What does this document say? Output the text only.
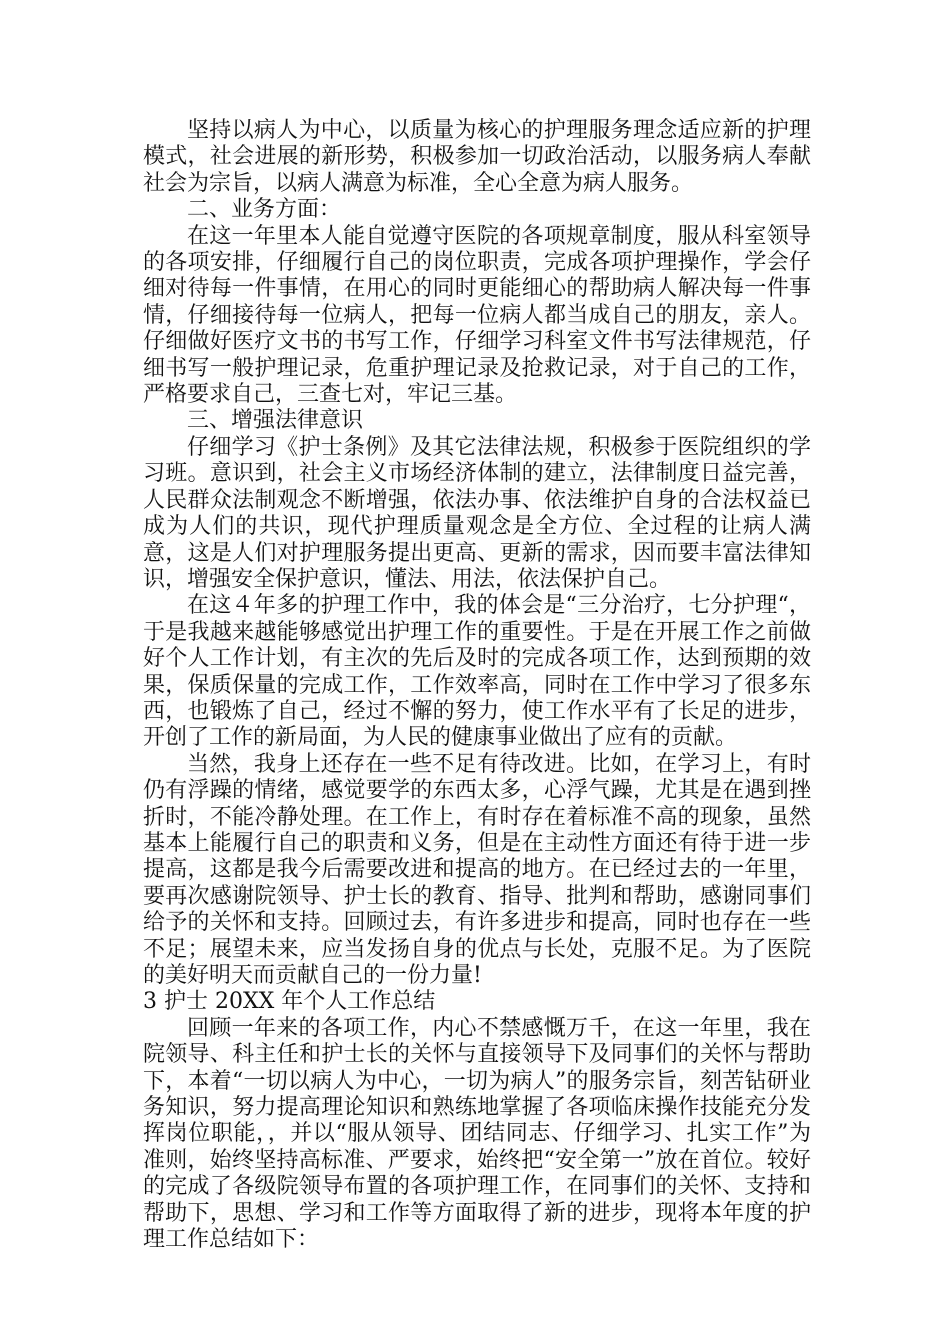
坚持以病人为中心，以质量为核心的护理服务理念适应新的护理模式，社会进展的新形势，积极参加一切政治活动，以服务病人奉献社会为宗旨，以病人满意为标准，全心全意为病人服务。

二、业务方面：

在这一年里本人能自觉遵守医院的各项规章制度，服从科室领导的各项安排，仔细履行自己的岗位职责，完成各项护理操作，学会仔细对待每一件事情，在用心的同时更能细心的帮助病人解决每一件事情，仔细接待每一位病人，把每一位病人都当成自己的朋友，亲人。仔细做好医疗文书的书写工作，仔细学习科室文件书写法律规范，仔细书写一般护理记录，危重护理记录及抢救记录，对于自己的工作，严格要求自己，三查七对，牢记三基。

三、增强法律意识

仔细学习《护士条例》及其它法律法规，积极参于医院组织的学习班。意识到，社会主义市场经济体制的建立，法律制度日益完善，人民群众法制观念不断增强，依法办事、依法维护自身的合法权益已成为人们的共识，现代护理质量观念是全方位、全过程的让病人满意，这是人们对护理服务提出更高、更新的需求，因而要丰富法律知识，增强安全保护意识，懂法、用法，依法保护自己。

在这４年多的护理工作中，我的体会是“三分治疗，七分护理“，于是我越来越能够感觉出护理工作的重要性。于是在开展工作之前做好个人工作计划，有主次的先后及时的完成各项工作，达到预期的效果，保质保量的完成工作，工作效率高，同时在工作中学习了很多东西，也锻炼了自己，经过不懈的努力，使工作水平有了长足的进步，开创了工作的新局面，为人民的健康事业做出了应有的贡献。

当然，我身上还存在一些不足有待改进。比如，在学习上，有时仍有浮躁的情绪，感觉要学的东西太多，心浮气躁，尤其是在遇到挫折时，不能冷静处理。在工作上，有时存在着标准不高的现象，虽然基本上能履行自己的职责和义务，但是在主动性方面还有待于进一步提高，这都是我今后需要改进和提高的地方。在已经过去的一年里，要再次感谢院领导、护士长的教育、指导、批判和帮助，感谢同事们给予的关怀和支持。回顾过去，有许多进步和提高，同时也存在一些不足；展望未来，应当发扬自身的优点与长处，克服不足。为了医院的美好明天而贡献自己的一份力量!

3 护士 20XX 年个人工作总结

回顾一年来的各项工作，内心不禁感慨万千，在这一年里，我在院领导、科主任和护士长的关怀与直接领导下及同事们的关怀与帮助下，本着“一切以病人为中心，一切为病人”的服务宗旨，刻苦钻研业务知识，努力提高理论知识和熟练地掌握了各项临床操作技能充分发挥岗位职能，，并以“服从领导、团结同志、仔细学习、扎实工作”为准则，始终坚持高标准、严要求，始终把“安全第一”放在首位。较好的完成了各级院领导布置的各项护理工作，在同事们的关怀、支持和帮助下，思想、学习和工作等方面取得了新的进步，现将本年度的护理工作总结如下：
